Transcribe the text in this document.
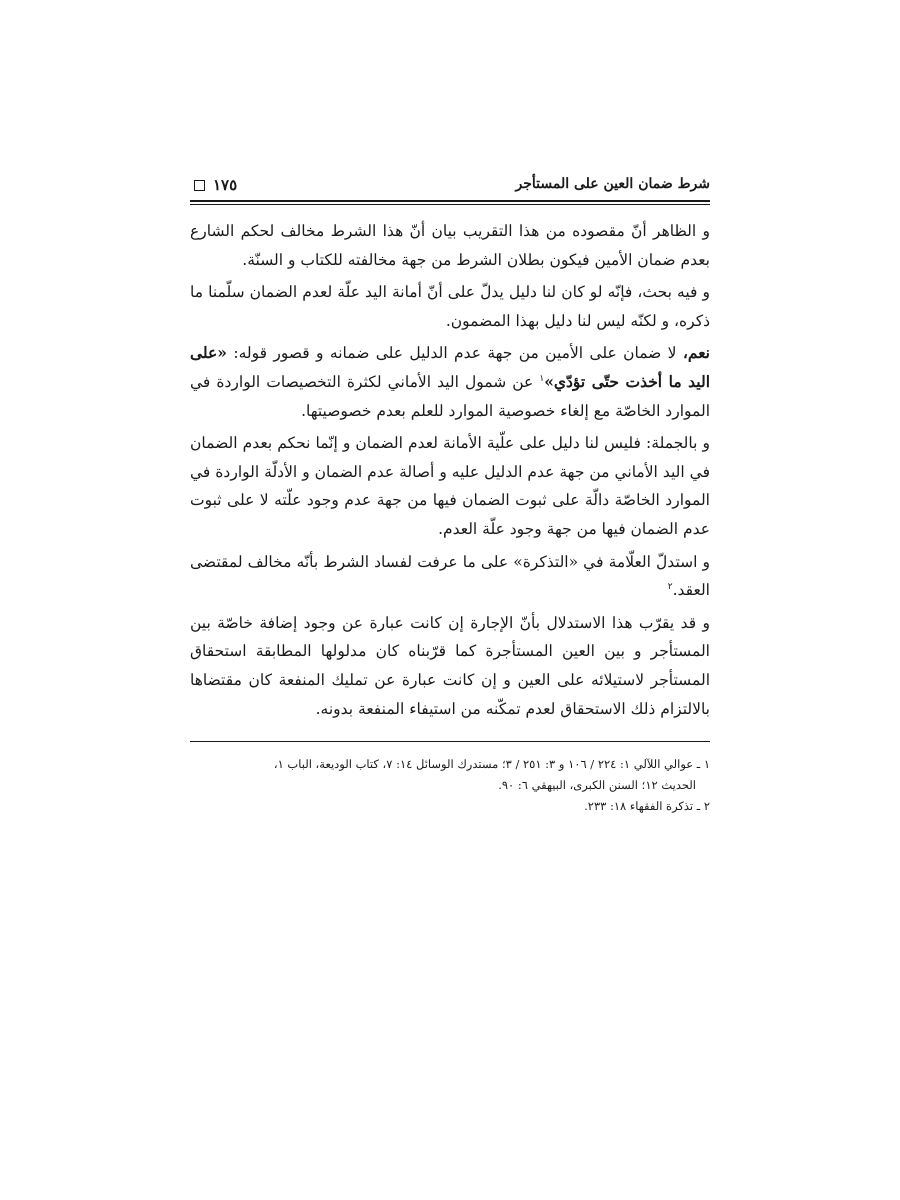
شرط ضمان العين على المستأجر
١٧٥

و الظاهر أنّ مقصوده من هذا التقريب بيان أنّ هذا الشرط مخالف لحكم الشارع بعدم ضمان الأمين فيكون بطلان الشرط من جهة مخالفته للكتاب و السنّة.

و فيه بحث، فإنّه لو كان لنا دليل يدلّ على أنّ أمانة اليد علّة لعدم الضمان سلّمنا ما ذكره، و لكنّه ليس لنا دليل بهذا المضمون.

نعم، لا ضمان على الأمين من جهة عدم الدليل على ضمانه و قصور قوله: «على اليد ما أخذت حتّى تؤدّي»$^١$ عن شمول اليد الأماني لكثرة التخصيصات الواردة في الموارد الخاصّة مع إلغاء خصوصية الموارد للعلم بعدم خصوصيتها.

و بالجملة: فليس لنا دليل على علّية الأمانة لعدم الضمان و إنّما نحكم بعدم الضمان في اليد الأماني من جهة عدم الدليل عليه و أصالة عدم الضمان و الأدلّة الواردة في الموارد الخاصّة دالّة على ثبوت الضمان فيها من جهة عدم وجود علّته لا على ثبوت عدم الضمان فيها من جهة وجود علّة العدم.

و استدلّ العلّامة في «التذكرة» على ما عرفت لفساد الشرط بأنّه مخالف لمقتضى العقد.$^٢$

و قد يقرّب هذا الاستدلال بأنّ الإجارة إن كانت عبارة عن وجود إضافة خاصّة بين المستأجر و بين العين المستأجرة كما قرّبناه كان مدلولها المطابقة استحقاق المستأجر لاستيلائه على العين و إن كانت عبارة عن تمليك المنفعة كان مقتضاها بالالتزام ذلك الاستحقاق لعدم تمكّنه من استيفاء المنفعة بدونه.

١ ـ عوالي اللآلي ١: ٢٢٤ / ١٠٦ و ٣: ٢٥١ / ٣؛ مستدرك الوسائل ١٤: ٧، كتاب الوديعة، الباب ١،

الحديث ١٢؛ السنن الكبرى، البيهقي ٦: ٩٠.

٢ ـ تذكرة الفقهاء ١٨: ٢٣٣.
